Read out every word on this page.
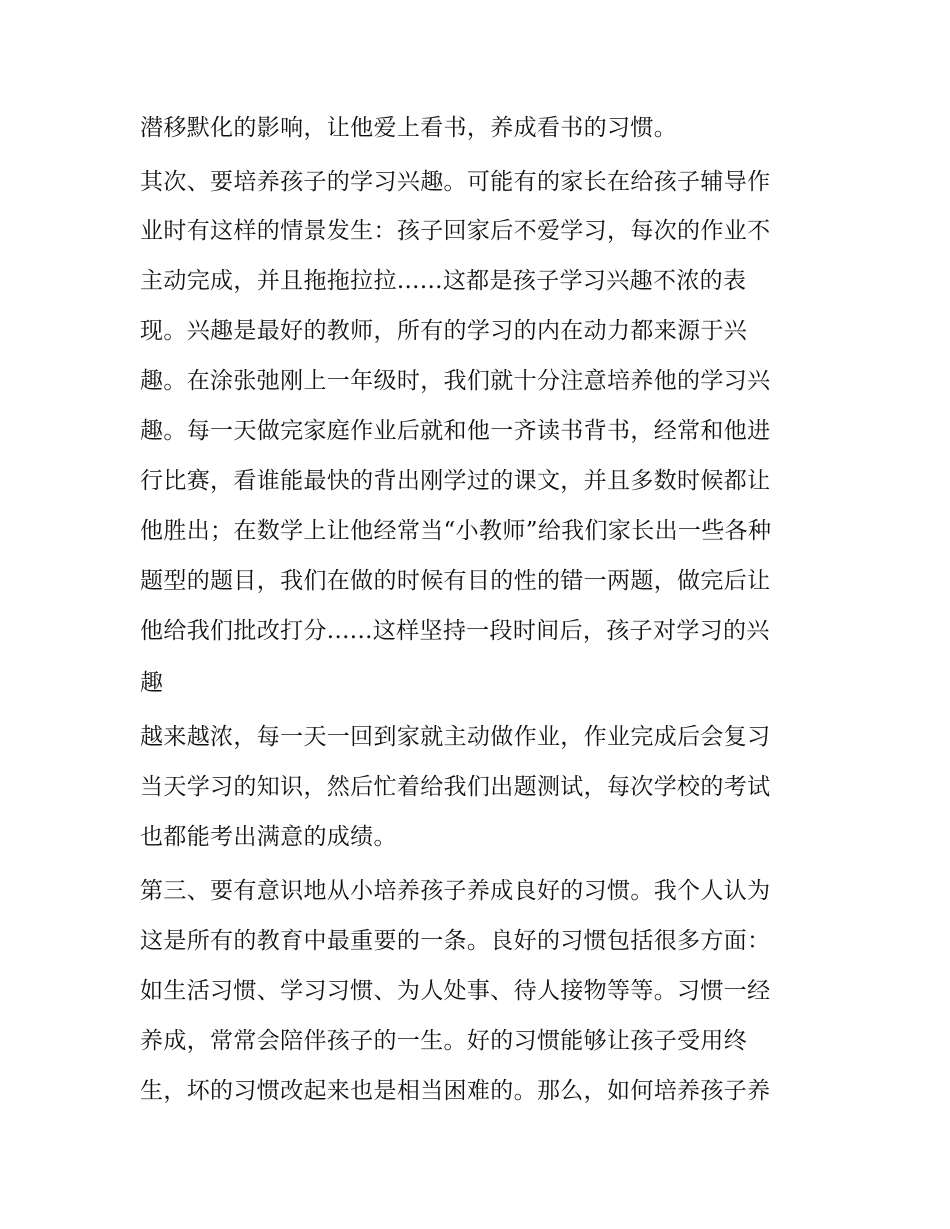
潜移默化的影响，让他爱上看书，养成看书的习惯。
其次、要培养孩子的学习兴趣。可能有的家长在给孩子辅导作
业时有这样的情景发生：孩子回家后不爱学习，每次的作业不
主动完成，并且拖拖拉拉......这都是孩子学习兴趣不浓的表
现。兴趣是最好的教师，所有的学习的内在动力都来源于兴
趣。在涂张弛刚上一年级时，我们就十分注意培养他的学习兴
趣。每一天做完家庭作业后就和他一齐读书背书，经常和他进
行比赛，看谁能最快的背出刚学过的课文，并且多数时候都让
他胜出；在数学上让他经常当“小教师”给我们家长出一些各种
题型的题目，我们在做的时候有目的性的错一两题，做完后让
他给我们批改打分......这样坚持一段时间后，孩子对学习的兴
趣
越来越浓，每一天一回到家就主动做作业，作业完成后会复习
当天学习的知识，然后忙着给我们出题测试，每次学校的考试
也都能考出满意的成绩。
第三、要有意识地从小培养孩子养成良好的习惯。我个人认为
这是所有的教育中最重要的一条。良好的习惯包括很多方面：
如生活习惯、学习习惯、为人处事、待人接物等等。习惯一经
养成，常常会陪伴孩子的一生。好的习惯能够让孩子受用终
生，坏的习惯改起来也是相当困难的。那么，如何培养孩子养
